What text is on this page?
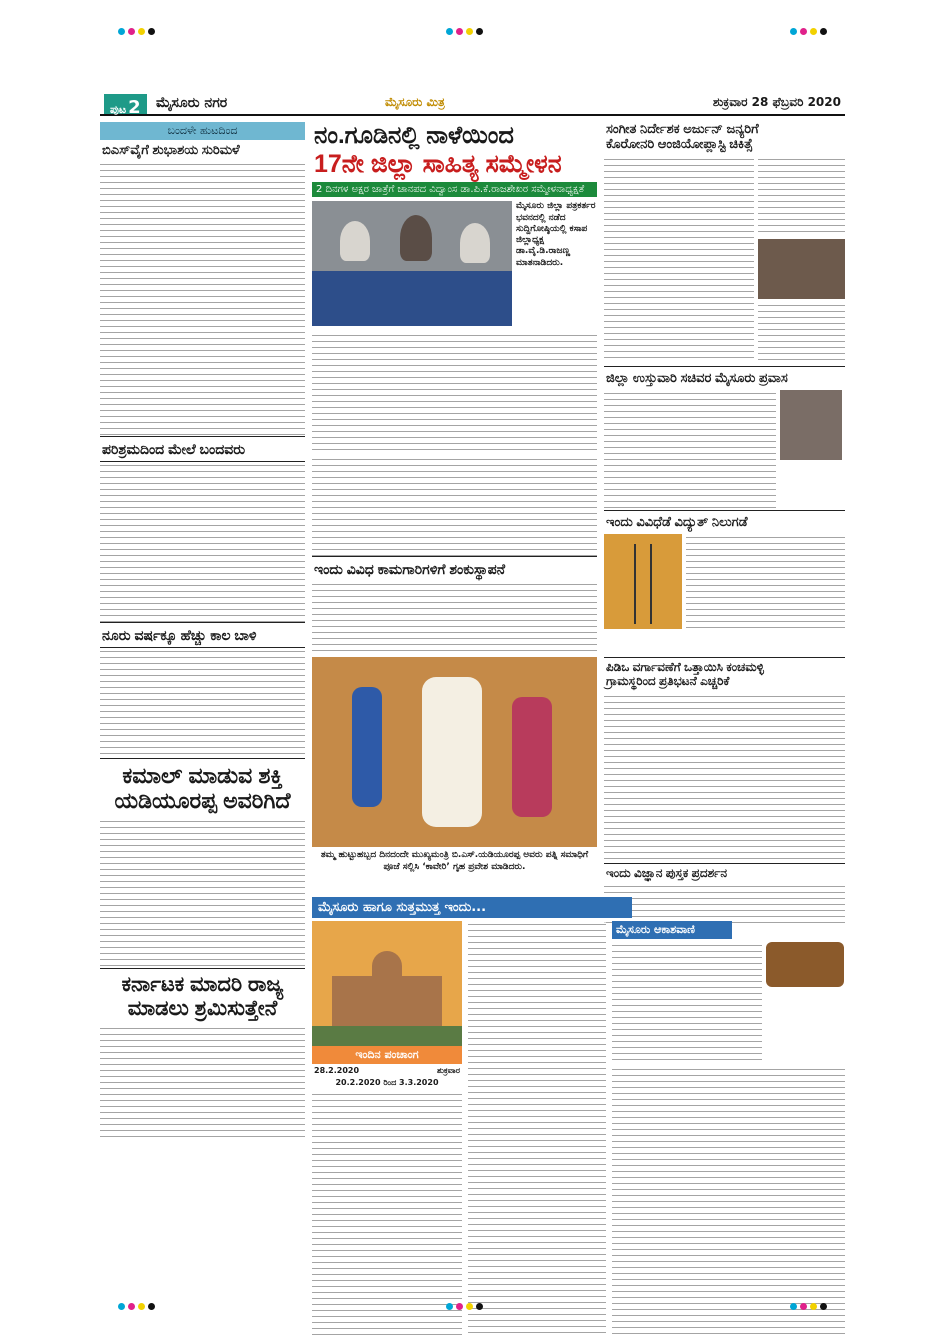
ಪುಟ 2	ಮೈಸೂರು ನಗರ	ಮೈಸೂರು ಮಿತ್ರ	ಶುಕ್ರವಾರ 28 ಫೆಬ್ರವರಿ 2020
ಬಂದಳೇ ಹುಟದಿಂದ
ಬಿಎಸ್‌ವೈಗೆ ಶುಭಾಶಯ ಸುರಿಮಳೆ
ಪರಿಶ್ರಮದಿಂದ ಮೇಲೆ ಬಂದವರು
ನೂರು ವರ್ಷಕ್ಕೂ ಹೆಚ್ಚು ಕಾಲ ಬಾಳಿ
ಕಮಾಲ್ ಮಾಡುವ ಶಕ್ತಿ
ಯಡಿಯೂರಪ್ಪ ಅವರಿಗಿದೆ
ಕರ್ನಾಟಕ ಮಾದರಿ ರಾಜ್ಯ
ಮಾಡಲು ಶ್ರಮಿಸುತ್ತೇನೆ
ನಂ.ಗೂಡಿನಲ್ಲಿ ನಾಳೆಯಿಂದ
17ನೇ ಜಿಲ್ಲಾ ಸಾಹಿತ್ಯ ಸಮ್ಮೇಳನ
2 ದಿನಗಳ ಅಕ್ಷರ ಜಾತ್ರೆಗೆ ಜಾನಪದ ವಿದ್ವಾಂಸ ಡಾ.ಪಿ.ಕೆ.ರಾಜಶೇಖರ ಸಮ್ಮೇಳನಾಧ್ಯಕ್ಷತೆ
ಮೈಸೂರು ಜಿಲ್ಲಾ ಪತ್ರಕರ್ತರ ಭವನದಲ್ಲಿ ನಡೆದ ಸುದ್ದಿಗೋಷ್ಠಿಯಲ್ಲಿ ಕಸಾಪ ಜಿಲ್ಲಾಧ್ಯಕ್ಷ ಡಾ.ವೈ.ಡಿ.ರಾಜಣ್ಣ ಮಾತನಾಡಿದರು.
ಇಂದು ವಿವಿಧ ಕಾಮಗಾರಿಗಳಿಗೆ ಶಂಕುಸ್ಥಾಪನೆ
ತಮ್ಮ ಹುಟ್ಟುಹಬ್ಬದ ದಿನದಂದೇ ಮುಖ್ಯಮಂತ್ರಿ ಬಿ.ಎಸ್.ಯಡಿಯೂರಪ್ಪ ಅವರು ಪತ್ನಿ ಸಮಾಧಿಗೆ ಪೂಜೆ ಸಲ್ಲಿಸಿ ‘ಕಾವೇರಿ’ ಗೃಹ ಪ್ರವೇಶ ಮಾಡಿದರು.
ಸಂಗೀತ ನಿರ್ದೇಶಕ ಅರ್ಜುನ್ ಜನ್ಯರಿಗೆ
ಕೊರೋನರಿ ಆಂಜಿಯೋಪ್ಲಾಸ್ಟಿ ಚಿಕಿತ್ಸೆ
ಜಿಲ್ಲಾ ಉಸ್ತುವಾರಿ ಸಚಿವರ ಮೈಸೂರು ಪ್ರವಾಸ
ಇಂದು ವಿವಿಧೆಡೆ ವಿದ್ಯುತ್ ನಿಲುಗಡೆ
ಪಿಡಿಒ ವರ್ಗಾವಣೆಗೆ ಒತ್ತಾಯಿಸಿ ಕಂಚಮಳ್ಳಿ
ಗ್ರಾಮಸ್ಥರಿಂದ ಪ್ರತಿಭಟನೆ ಎಚ್ಚರಿಕೆ
ಇಂದು ವಿಜ್ಞಾನ ಪುಸ್ತಕ ಪ್ರದರ್ಶನ
ಮೈಸೂರು ಹಾಗೂ ಸುತ್ತಮುತ್ತ ಇಂದು...
ಇಂದಿನ ಪಂಚಾಂಗ
28.2.2020	ಶುಕ್ರವಾರ
20.2.2020 ರಿಂದ 3.3.2020
ಮೈಸೂರು ಆಕಾಶವಾಣಿ
